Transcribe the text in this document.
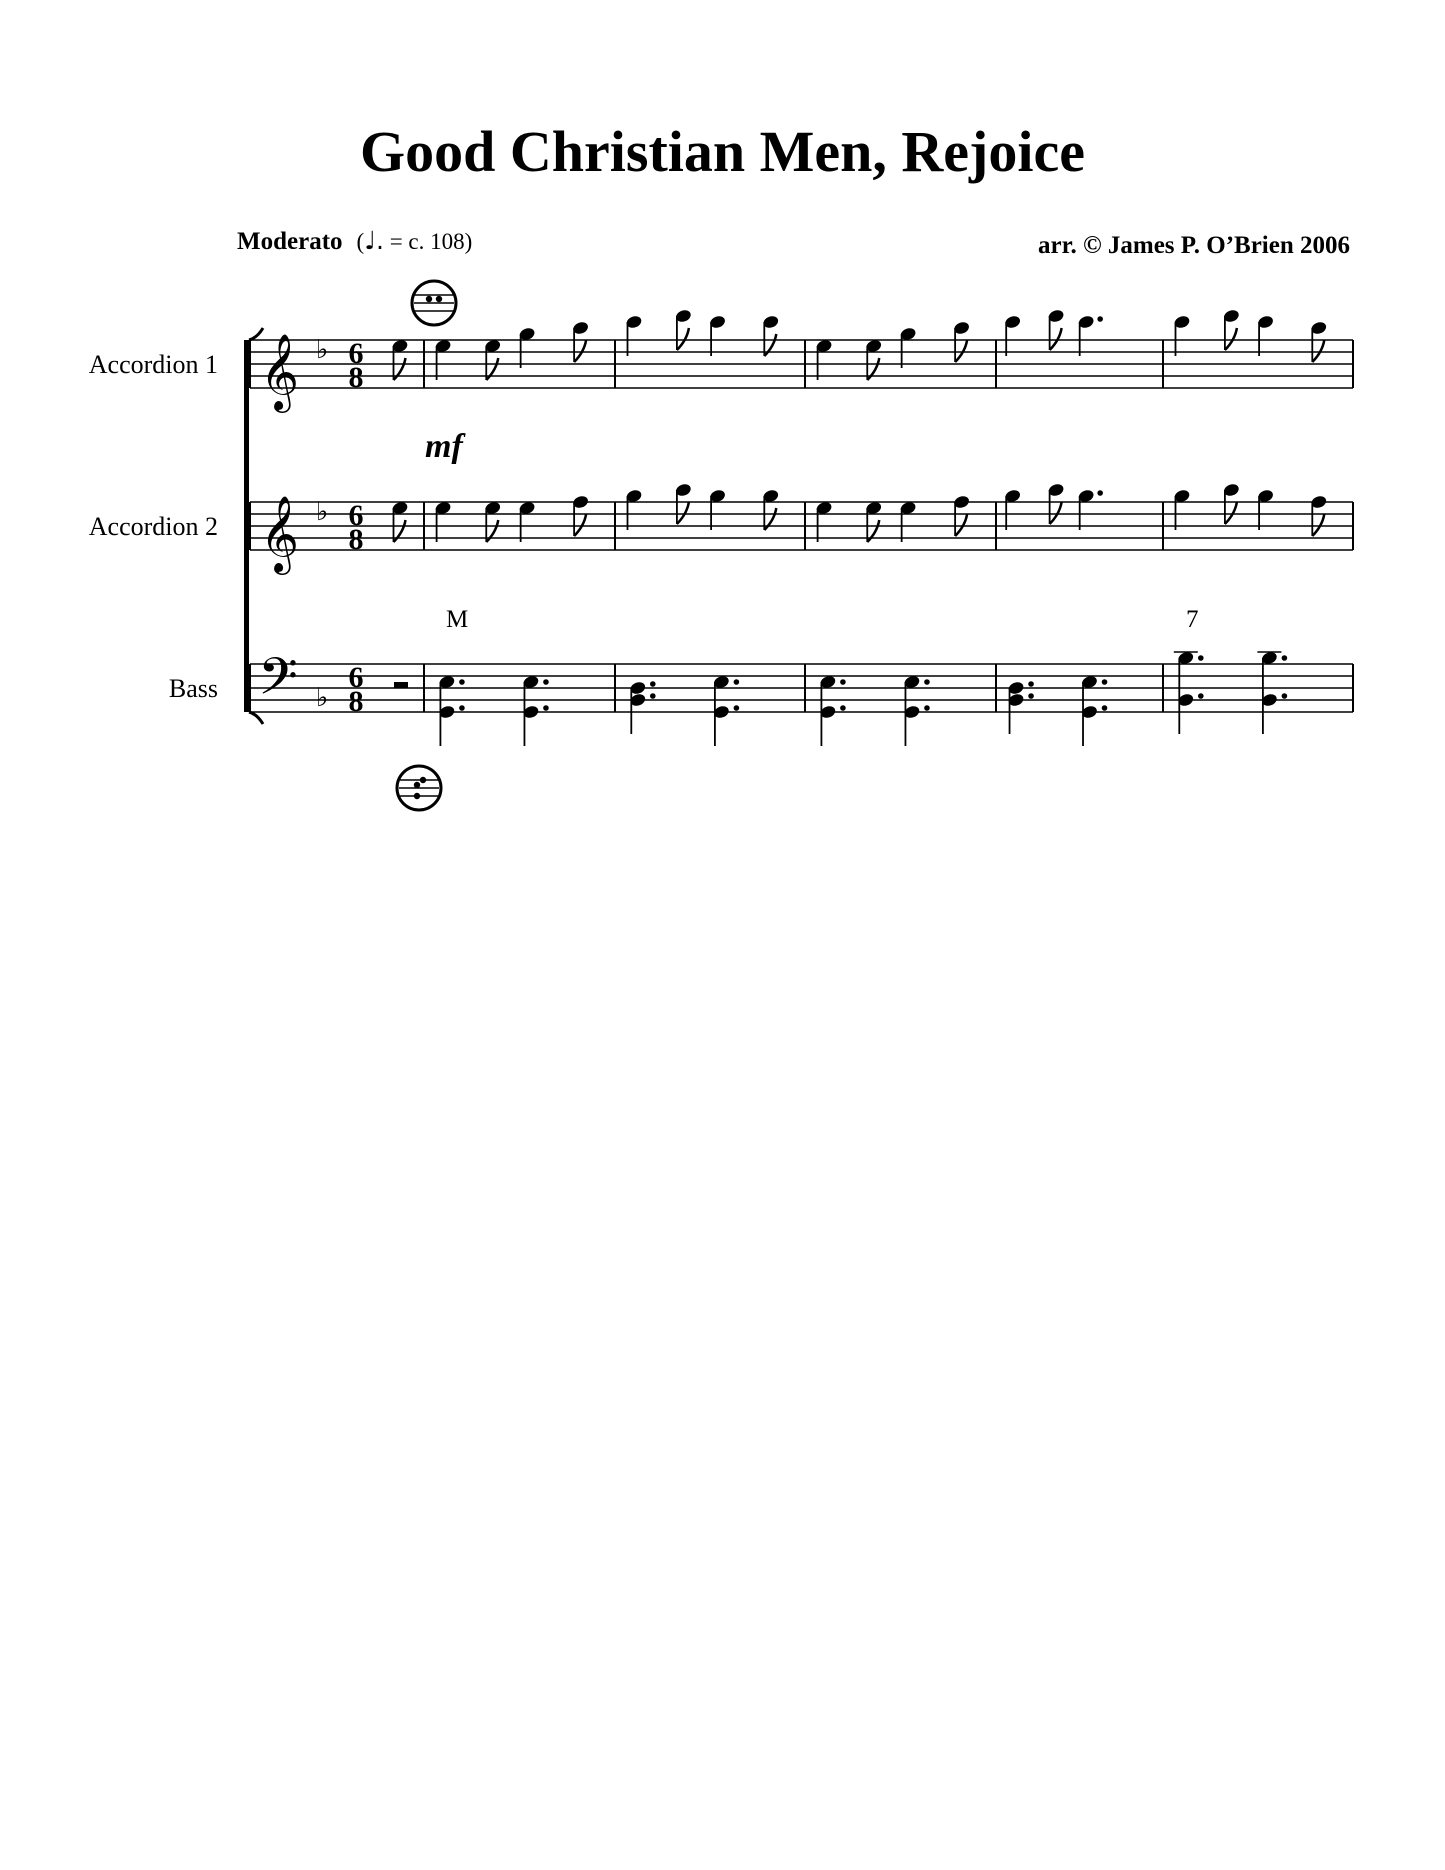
Good Christian Men, Rejoice
Moderato (♩. = c. 108)	arr. © James P. O’Brien 2006
Accordion 1
Accordion 2
Bass
mf
M	7
𝄞 ♭ 6
8
𝄞 ♭ 6
8
𝄢 ♭
6
8
